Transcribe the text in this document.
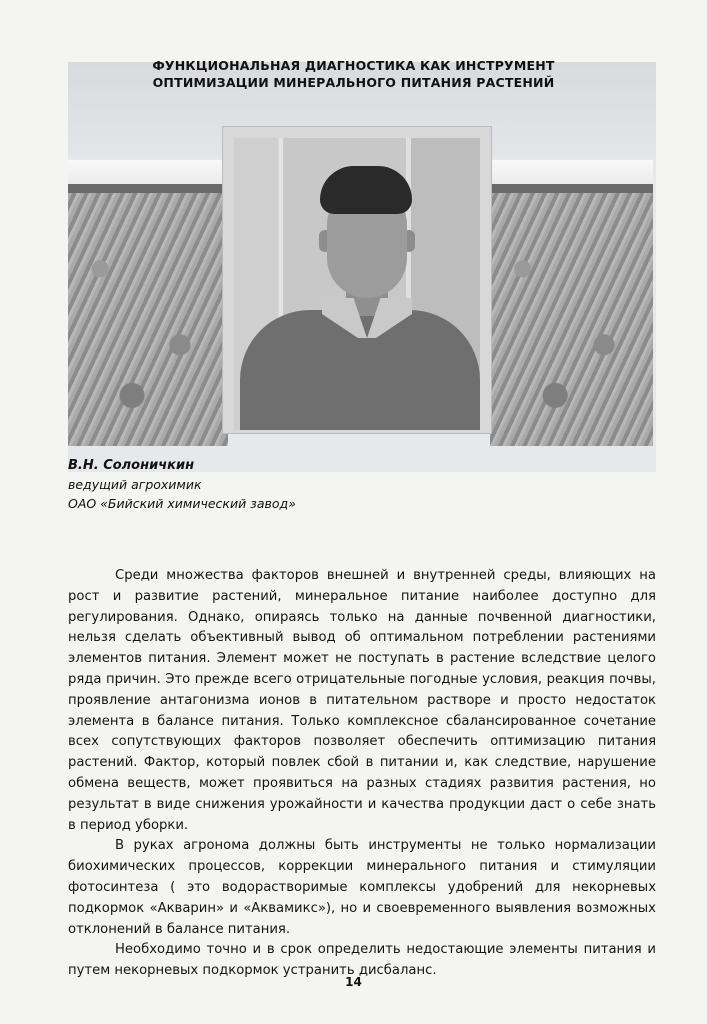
ФУНКЦИОНАЛЬНАЯ ДИАГНОСТИКА КАК ИНСТРУМЕНТ
ОПТИМИЗАЦИИ МИНЕРАЛЬНОГО ПИТАНИЯ РАСТЕНИЙ
В.Н. Солоничкин
ведущий агрохимик
ОАО «Бийский химический завод»

Среди множества факторов внешней и внутренней среды, влияющих на рост и развитие растений, минеральное питание наиболее доступно для регулирования. Однако, опираясь только на данные почвенной диагностики, нельзя сделать объективный вывод об оптимальном потреблении растениями элементов питания. Элемент может не поступать в растение вследствие целого ряда причин. Это прежде всего отрицательные погодные условия, реакция почвы, проявление антагонизма ионов в питательном растворе и просто недостаток элемента в балансе питания. Только комплексное сбалансированное сочетание всех сопутствующих факторов позволяет обеспечить оптимизацию питания растений. Фактор, который повлек сбой в питании и, как следствие, нарушение обмена веществ, может проявиться на разных стадиях развития растения, но результат в виде снижения урожайности и качества продукции даст о себе знать в период уборки.

В руках агронома должны быть инструменты не только нормализации биохимических процессов, коррекции минерального питания и стимуляции фотосинтеза ( это водорастворимые комплексы удобрений для некорневых подкормок «Акварин» и «Аквамикс»), но и своевременного выявления возможных отклонений в балансе питания.

Необходимо точно и в срок определить недостающие элементы питания и путем некорневых подкормок устранить дисбаланс.

14
